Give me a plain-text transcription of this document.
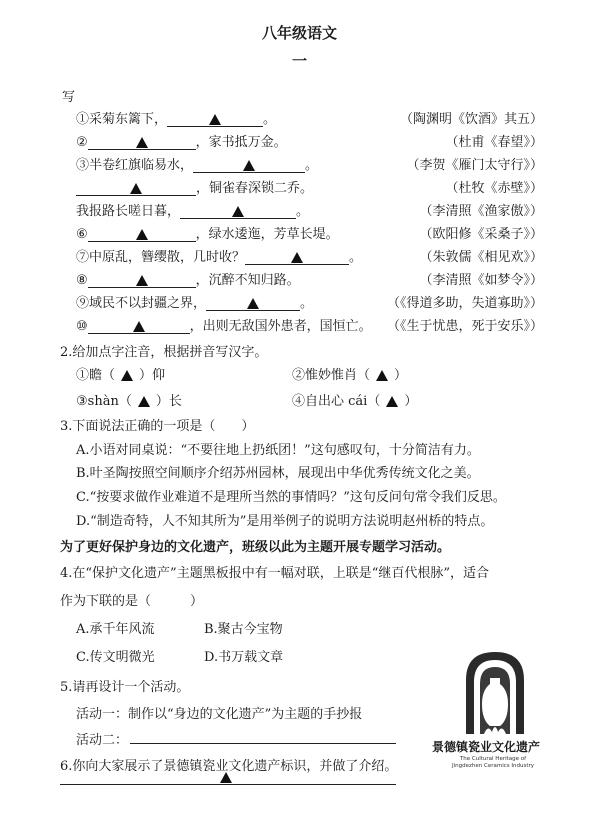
八年级语文
一
写
①采菊东篱下，	。	（陶渊明《饮酒》其五）
②	，家书抵万金。	（杜甫《春望》）
③半卷红旗临易水，	。	（李贺《雁门太守行》）
，铜雀春深锁二乔。	（杜牧《赤壁》）
我报路长嗟日暮，	。	（李清照《渔家傲》）
⑥	，绿水逶迤，芳草长堤。	（欧阳修《采桑子》）
⑦中原乱，簪缨散，几时收？	。	（朱敦儒《相见欢》）
⑧	，沉醉不知归路。	（李清照《如梦令》）
⑨域民不以封疆之界，	。	（《得道多助，失道寡助》）
⑩	，出则无敌国外患者，国恒亡。 （《生于忧患，死于安乐》）
2.给加点字注音，根据拼音写汉字。
①瞻（ ）仰	②惟妙惟肖（ ）
③shàn（ ）长	④自出心 cái（ ）
3.下面说法正确的一项是（　　）
A.小语对同桌说：“不要往地上扔纸团！”这句感叹句，十分简洁有力。
B.叶圣陶按照空间顺序介绍苏州园林，展现出中华优秀传统文化之美。
C.“按要求做作业难道不是理所当然的事情吗？”这句反问句常令我们反思。
D.“制造奇特，人不知其所为”是用举例子的说明方法说明赵州桥的特点。
为了更好保护身边的文化遗产，班级以此为主题开展专题学习活动。
4.在“保护文化遗产”主题黑板报中有一幅对联，上联是“继百代根脉”，适合
作为下联的是（　　　）
A.承千年风流	B.聚古今宝物
C.传文明微光	D.书万载文章
5.请再设计一个活动。
活动一：制作以“身边的文化遗产”为主题的手抄报
活动二：
6.你向大家展示了景德镇瓷业文化遗产标识，并做了介绍。
景德镇瓷业文化遗产
The Cultural Heritage of Jingdezhen Ceramics Industry
